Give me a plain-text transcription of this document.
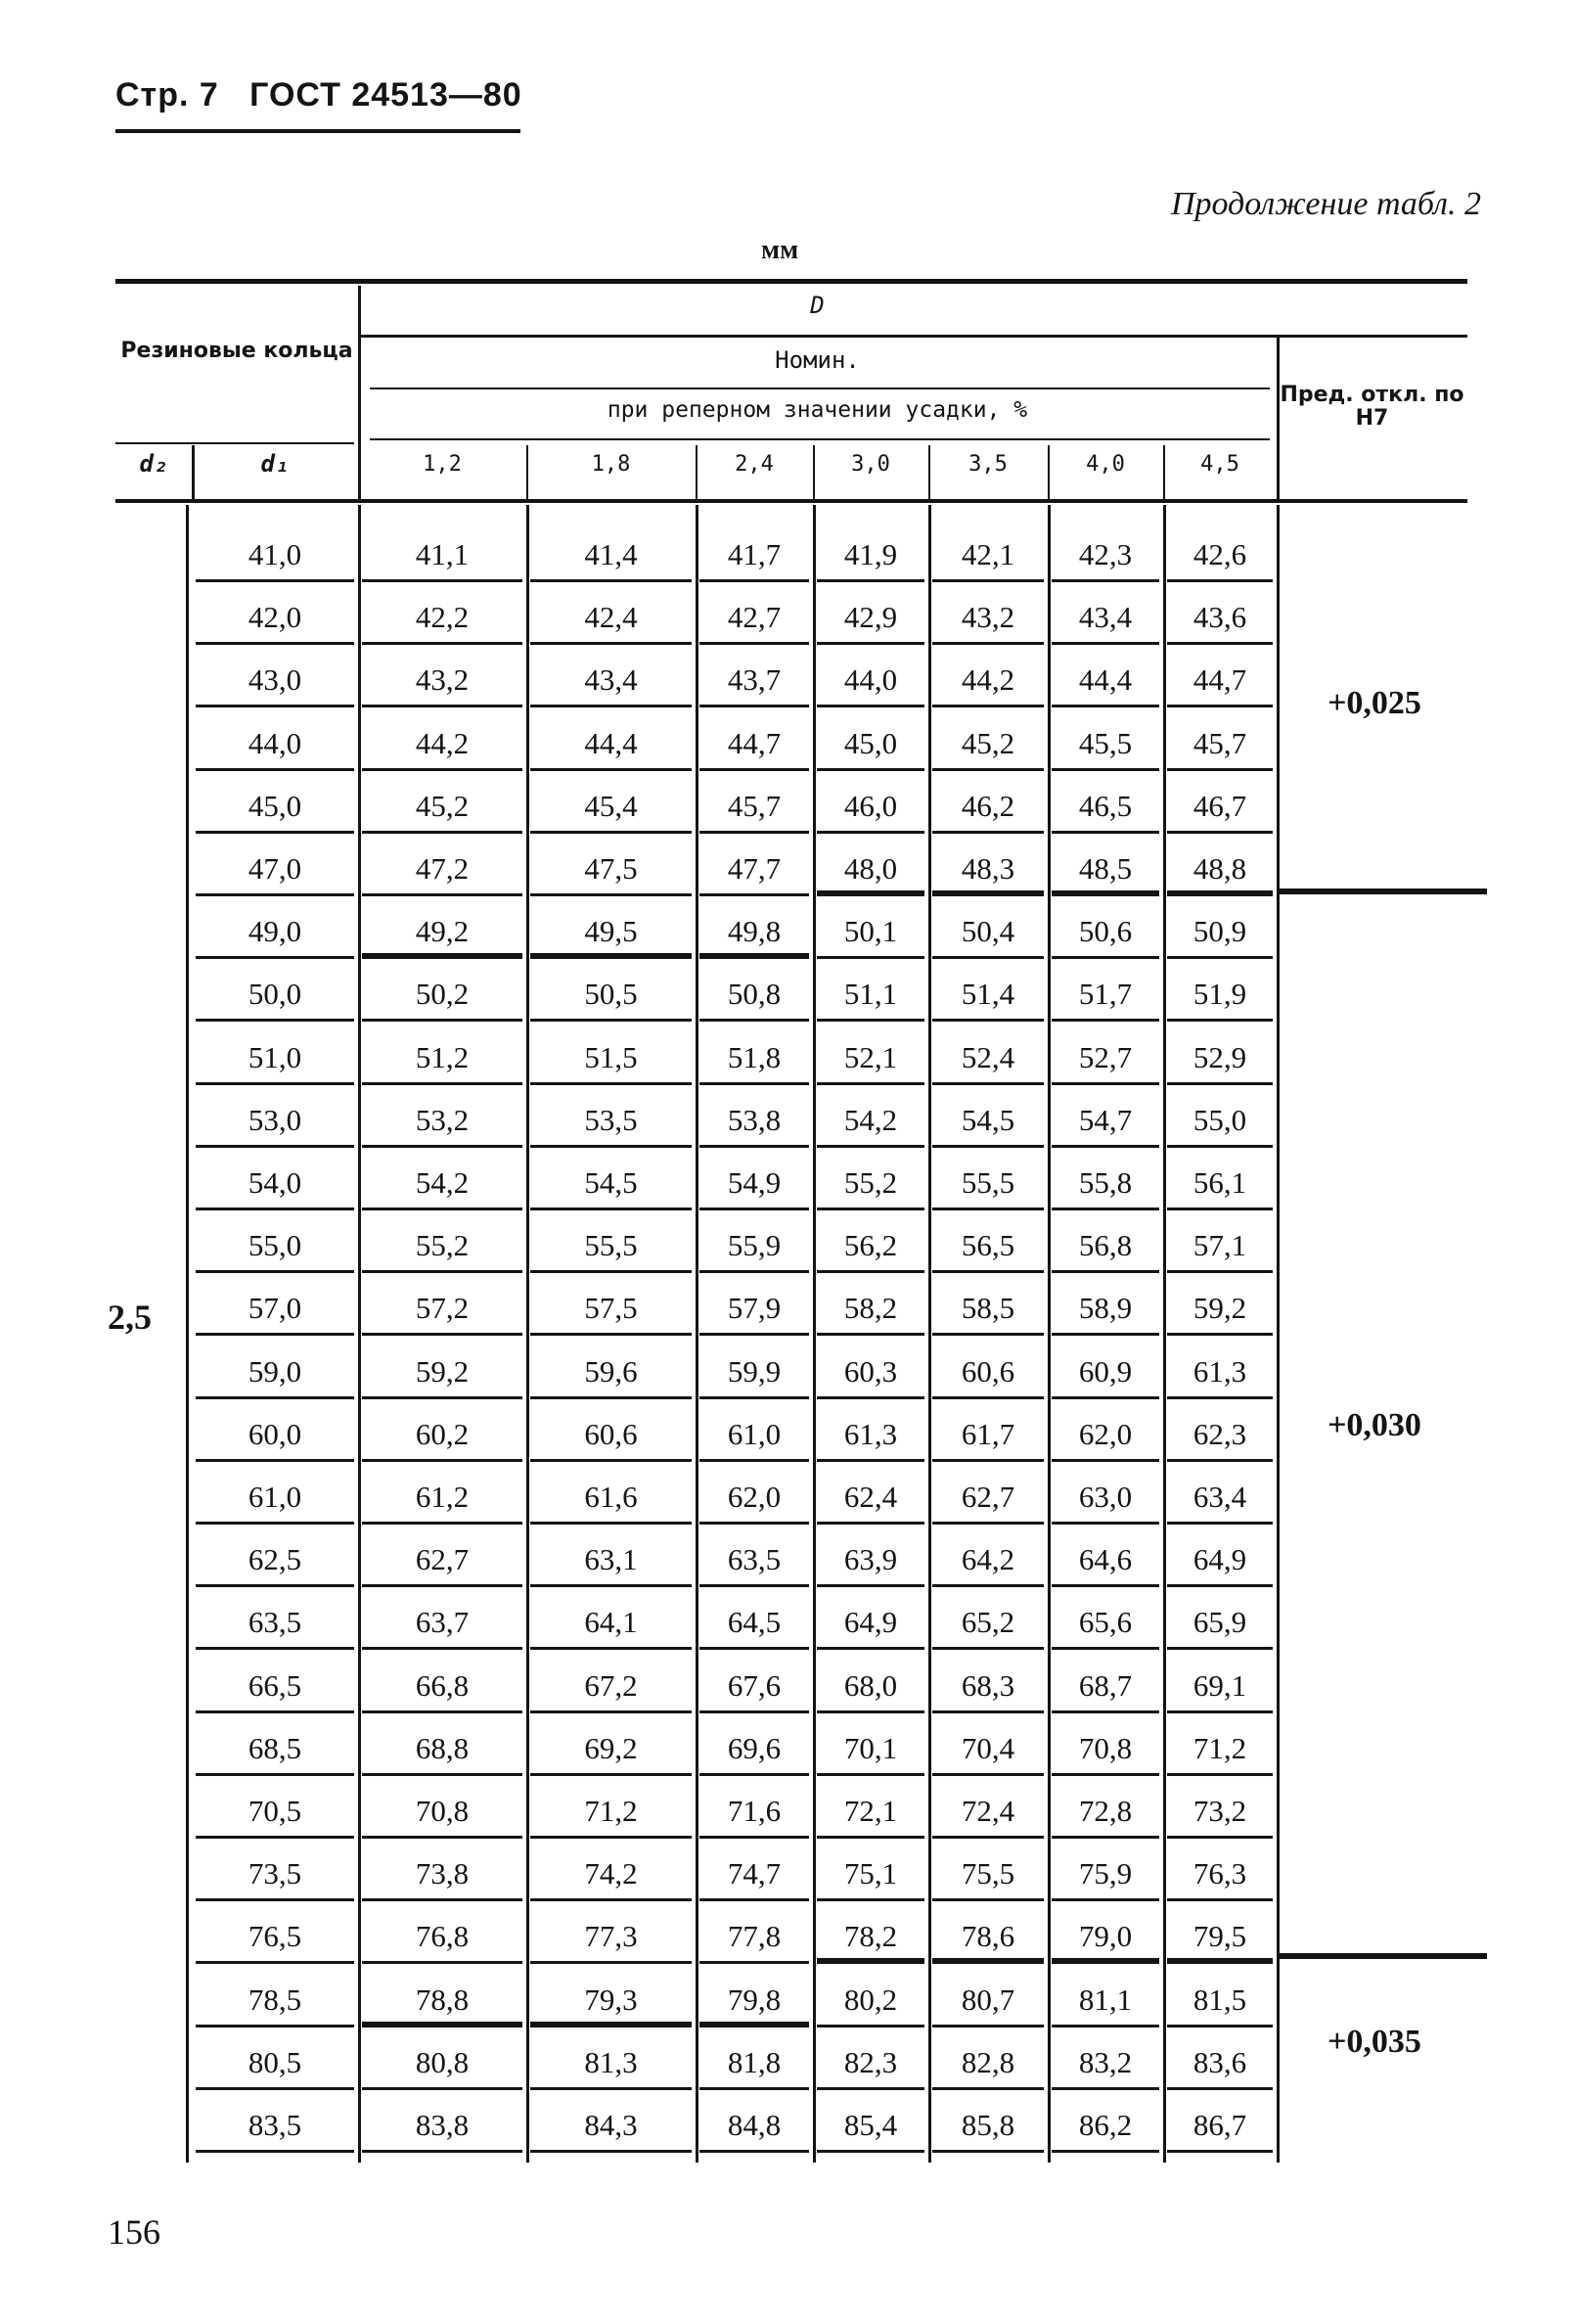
Стр. 7 ГОСТ 24513—80
Продолжение табл. 2
мм
Резиновые кольца
d₂	d₁
D
Номин.
при реперном значении усадки, %
Пред. откл. по H7
1,2	1,8	2,4	3,0	3,5	4,0	4,5
41,0	41,1	41,4	41,7	41,9	42,1	42,3	42,6
42,0	42,2	42,4	42,7	42,9	43,2	43,4	43,6
43,0	43,2	43,4	43,7	44,0	44,2	44,4	44,7
44,0	44,2	44,4	44,7	45,0	45,2	45,5	45,7
45,0	45,2	45,4	45,7	46,0	46,2	46,5	46,7
47,0	47,2	47,5	47,7	48,0	48,3	48,5	48,8
49,0	49,2	49,5	49,8	50,1	50,4	50,6	50,9
50,0	50,2	50,5	50,8	51,1	51,4	51,7	51,9
51,0	51,2	51,5	51,8	52,1	52,4	52,7	52,9
53,0	53,2	53,5	53,8	54,2	54,5	54,7	55,0
54,0	54,2	54,5	54,9	55,2	55,5	55,8	56,1
55,0	55,2	55,5	55,9	56,2	56,5	56,8	57,1
57,0	57,2	57,5	57,9	58,2	58,5	58,9	59,2
59,0	59,2	59,6	59,9	60,3	60,6	60,9	61,3
60,0	60,2	60,6	61,0	61,3	61,7	62,0	62,3
61,0	61,2	61,6	62,0	62,4	62,7	63,0	63,4
62,5	62,7	63,1	63,5	63,9	64,2	64,6	64,9
63,5	63,7	64,1	64,5	64,9	65,2	65,6	65,9
66,5	66,8	67,2	67,6	68,0	68,3	68,7	69,1
68,5	68,8	69,2	69,6	70,1	70,4	70,8	71,2
70,5	70,8	71,2	71,6	72,1	72,4	72,8	73,2
73,5	73,8	74,2	74,7	75,1	75,5	75,9	76,3
76,5	76,8	77,3	77,8	78,2	78,6	79,0	79,5
78,5	78,8	79,3	79,8	80,2	80,7	81,1	81,5
80,5	80,8	81,3	81,8	82,3	82,8	83,2	83,6
83,5	83,8	84,3	84,8	85,4	85,8	86,2	86,7
2,5
+0,025
+0,030
+0,035
156
